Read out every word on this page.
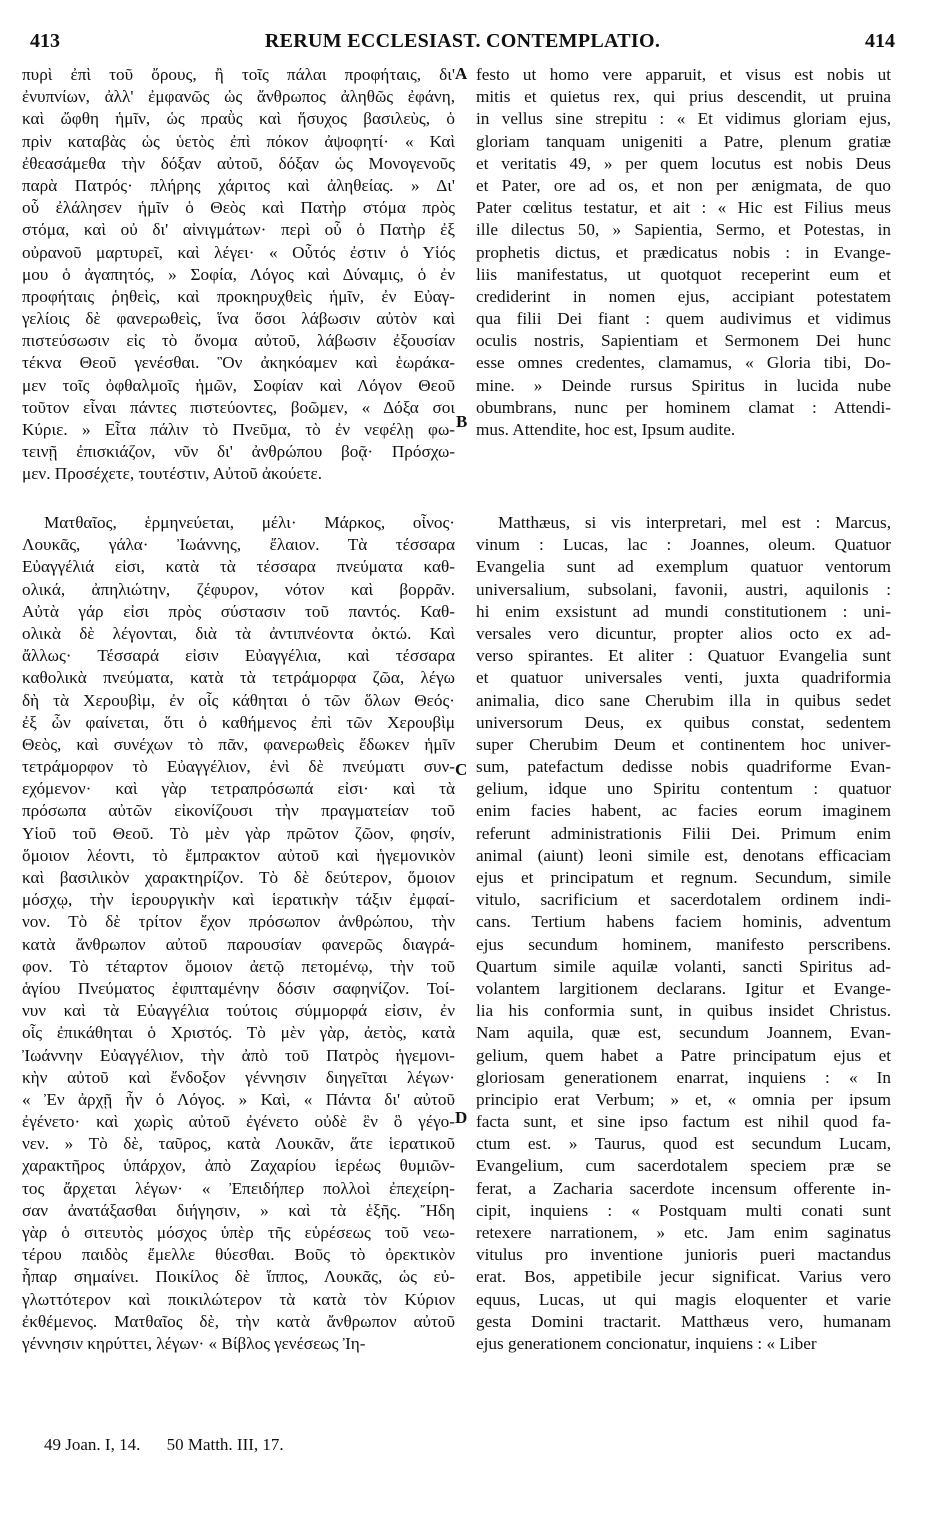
413	RERUM ECCLESIAST. CONTEMPLATIO.	414
πυρὶ ἐπὶ τοῦ ὄρους, ἢ τοῖς πάλαι προφήταις, δι'
ἐνυπνίων, ἀλλ' ἐμφανῶς ὡς ἄνθρωπος ἀληθῶς ἐφάνη,
καὶ ὤφθη ἡμῖν, ὡς πραῢς καὶ ἥσυχος βασιλεὺς, ὁ
πρὶν καταβὰς ὡς ὑετὸς ἐπὶ πόκον ἀψοφητί· « Καὶ
ἐθεασάμεθα τὴν δόξαν αὐτοῦ, δόξαν ὡς Μονογενοῦς
παρὰ Πατρός· πλήρης χάριτος καὶ ἀληθείας. » Δι'
οὗ ἐλάλησεν ἡμῖν ὁ Θεὸς καὶ Πατὴρ στόμα πρὸς
στόμα, καὶ οὐ δι' αἰνιγμάτων· περὶ οὗ ὁ Πατὴρ ἐξ
οὐρανοῦ μαρτυρεῖ, καὶ λέγει· « Οὗτός ἐστιν ὁ Υἱός
μου ὁ ἀγαπητός, » Σοφία, Λόγος καὶ Δύναμις, ὁ ἐν
προφήταις ῥηθεὶς, καὶ προκηρυχθεὶς ἡμῖν, ἐν Εὐαγ-
γελίοις δὲ φανερωθεὶς, ἵνα ὅσοι λάβωσιν αὐτὸν καὶ
πιστεύσωσιν εἰς τὸ ὄνομα αὐτοῦ, λάβωσιν ἐξουσίαν
τέκνα Θεοῦ γενέσθαι. Ὃν ἀκηκόαμεν καὶ ἑωράκα-
μεν τοῖς ὀφθαλμοῖς ἡμῶν, Σοφίαν καὶ Λόγον Θεοῦ
τοῦτον εἶναι πάντες πιστεύοντες, βοῶμεν, « Δόξα σοι
Κύριε. » Εἶτα πάλιν τὸ Πνεῦμα, τὸ ἐν νεφέλῃ φω-
τεινῇ ἐπισκιάζον, νῦν δι' ἀνθρώπου βοᾷ· Πρόσχω-
μεν. Προσέχετε, τουτέστιν, Αὐτοῦ ἀκούετε.
festo ut homo vere apparuit, et visus est nobis ut
mitis et quietus rex, qui prius descendit, ut pruina
in vellus sine strepitu : « Et vidimus gloriam ejus,
gloriam tanquam unigeniti a Patre, plenum gratiæ
et veritatis 49, » per quem locutus est nobis Deus
et Pater, ore ad os, et non per ænigmata, de quo
Pater cœlitus testatur, et ait : « Hic est Filius meus
ille dilectus 50, » Sapientia, Sermo, et Potestas, in
prophetis dictus, et prædicatus nobis : in Evange-
liis manifestatus, ut quotquot receperint eum et
crediderint in nomen ejus, accipiant potestatem
qua filii Dei fiant : quem audivimus et vidimus
oculis nostris, Sapientiam et Sermonem Dei hunc
esse omnes credentes, clamamus, « Gloria tibi, Do-
mine. » Deinde rursus Spiritus in lucida nube
obumbrans, nunc per hominem clamat : Attendi-
mus. Attendite, hoc est, Ipsum audite.
Ματθαῖος, ἑρμηνεύεται, μέλι· Μάρκος, οἶνος·
Λουκᾶς, γάλα· Ἰωάννης, ἔλαιον. Τὰ τέσσαρα
Εὐαγγέλιά εἰσι, κατὰ τὰ τέσσαρα πνεύματα καθ-
ολικά, ἀπηλιώτην, ζέφυρον, νότον καὶ βορρᾶν.
Αὐτὰ γάρ εἰσι πρὸς σύστασιν τοῦ παντός. Καθ-
ολικὰ δὲ λέγονται, διὰ τὰ ἀντιπνέοντα ὀκτώ. Καὶ
ἄλλως· Τέσσαρά εἰσιν Εὐαγγέλια, καὶ τέσσαρα
καθολικὰ πνεύματα, κατὰ τὰ τετράμορφα ζῶα, λέγω
δὴ τὰ Χερουβὶμ, ἐν οἷς κάθηται ὁ τῶν ὅλων Θεός·
ἐξ ὧν φαίνεται, ὅτι ὁ καθήμενος ἐπὶ τῶν Χερουβὶμ
Θεὸς, καὶ συνέχων τὸ πᾶν, φανερωθεὶς ἔδωκεν ἡμῖν
τετράμορφον τὸ Εὐαγγέλιον, ἑνὶ δὲ πνεύματι συν-
εχόμενον· καὶ γὰρ τετραπρόσωπά εἰσι· καὶ τὰ
πρόσωπα αὐτῶν εἰκονίζουσι τὴν πραγματείαν τοῦ
Υἱοῦ τοῦ Θεοῦ. Τὸ μὲν γὰρ πρῶτον ζῶον, φησίν,
ὅμοιον λέοντι, τὸ ἔμπρακτον αὐτοῦ καὶ ἡγεμονικὸν
καὶ βασιλικὸν χαρακτηρίζον. Τὸ δὲ δεύτερον, ὅμοιον
μόσχῳ, τὴν ἱερουργικὴν καὶ ἱερατικὴν τάξιν ἐμφαί-
νον. Τὸ δὲ τρίτον ἔχον πρόσωπον ἀνθρώπου, τὴν
κατὰ ἄνθρωπον αὐτοῦ παρουσίαν φανερῶς διαγρά-
φον. Τὸ τέταρτον ὅμοιον ἀετῷ πετομένῳ, τὴν τοῦ
ἁγίου Πνεύματος ἐφιπταμένην δόσιν σαφηνίζον. Τοί-
νυν καὶ τὰ Εὐαγγέλια τούτοις σύμμορφά εἰσιν, ἐν
οἷς ἐπικάθηται ὁ Χριστός. Τὸ μὲν γὰρ, ἀετὸς, κατὰ
Ἰωάννην Εὐαγγέλιον, τὴν ἀπὸ τοῦ Πατρὸς ἡγεμονι-
κὴν αὐτοῦ καὶ ἔνδοξον γέννησιν διηγεῖται λέγων·
« Ἐν ἀρχῇ ἦν ὁ Λόγος. » Καὶ, « Πάντα δι' αὐτοῦ
ἐγένετο· καὶ χωρὶς αὐτοῦ ἐγένετο οὐδὲ ἓν ὃ γέγο-
νεν. » Τὸ δὲ, ταῦρος, κατὰ Λουκᾶν, ἅτε ἱερατικοῦ
χαρακτῆρος ὑπάρχον, ἀπὸ Ζαχαρίου ἱερέως θυμιῶν-
τος ἄρχεται λέγων· « Ἐπειδήπερ πολλοὶ ἐπεχείρη-
σαν ἀνατάξασθαι διήγησιν, » καὶ τὰ ἑξῆς. Ἤδη
γὰρ ὁ σιτευτὸς μόσχος ὑπὲρ τῆς εὑρέσεως τοῦ νεω-
τέρου παιδὸς ἔμελλε θύεσθαι. Βοῦς τὸ ὀρεκτικὸν
ἧπαρ σημαίνει. Ποικίλος δὲ ἵππος, Λουκᾶς, ὡς εὐ-
γλωττότερον καὶ ποικιλώτερον τὰ κατὰ τὸν Κύριον
ἐκθέμενος. Ματθαῖος δὲ, τὴν κατὰ ἄνθρωπον αὐτοῦ
γέννησιν κηρύττει, λέγων· « Βίβλος γενέσεως Ἰη-
Matthæus, si vis interpretari, mel est : Marcus,
vinum : Lucas, lac : Joannes, oleum. Quatuor
Evangelia sunt ad exemplum quatuor ventorum
universalium, subsolani, favonii, austri, aquilonis :
hi enim exsistunt ad mundi constitutionem : uni-
versales vero dicuntur, propter alios octo ex ad-
verso spirantes. Et aliter : Quatuor Evangelia sunt
et quatuor universales venti, juxta quadriformia
animalia, dico sane Cherubim illa in quibus sedet
universorum Deus, ex quibus constat, sedentem
super Cherubim Deum et continentem hoc univer-
sum, patefactum dedisse nobis quadriforme Evan-
gelium, idque uno Spiritu contentum : quatuor
enim facies habent, ac facies eorum imaginem
referunt administrationis Filii Dei. Primum enim
animal (aiunt) leoni simile est, denotans efficaciam
ejus et principatum et regnum. Secundum, simile
vitulo, sacrificium et sacerdotalem ordinem indi-
cans. Tertium habens faciem hominis, adventum
ejus secundum hominem, manifesto perscribens.
Quartum simile aquilæ volanti, sancti Spiritus ad-
volantem largitionem declarans. Igitur et Evange-
lia his conformia sunt, in quibus insidet Christus.
Nam aquila, quæ est, secundum Joannem, Evan-
gelium, quem habet a Patre principatum ejus et
gloriosam generationem enarrat, inquiens : « In
principio erat Verbum; » et, « omnia per ipsum
facta sunt, et sine ipso factum est nihil quod fa-
ctum est. » Taurus, quod est secundum Lucam,
Evangelium, cum sacerdotalem speciem præ se
ferat, a Zacharia sacerdote incensum offerente in-
cipit, inquiens : « Postquam multi conati sunt
retexere narrationem, » etc. Jam enim saginatus
vitulus pro inventione junioris pueri mactandus
erat. Bos, appetibile jecur significat. Varius vero
equus, Lucas, ut qui magis eloquenter et varie
gesta Domini tractarit. Matthæus vero, humanam
ejus generationem concionatur, inquiens : « Liber
A
B
C
D
49 Joan. I, 14. 50 Matth. III, 17.
